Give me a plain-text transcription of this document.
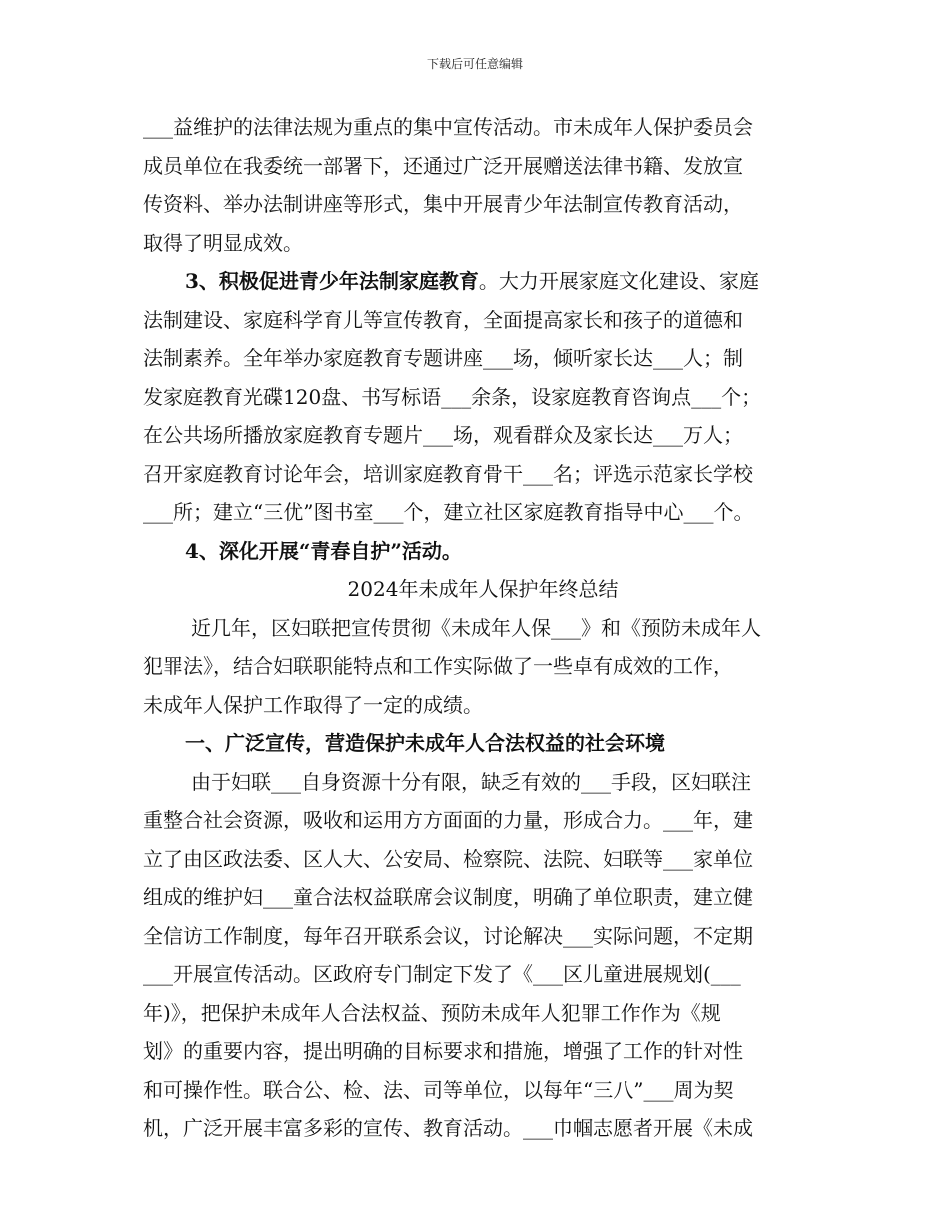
下载后可任意编辑
___益维护的法律法规为重点的集中宣传活动。市未成年人保护委员会
成员单位在我委统一部署下，还通过广泛开展赠送法律书籍、发放宣
传资料、举办法制讲座等形式，集中开展青少年法制宣传教育活动，
取得了明显成效。
3、积极促进青少年法制家庭教育。大力开展家庭文化建设、家庭
法制建设、家庭科学育儿等宣传教育，全面提高家长和孩子的道德和
法制素养。全年举办家庭教育专题讲座___场，倾听家长达___人；制
发家庭教育光碟120盘、书写标语___余条，设家庭教育咨询点___个；
在公共场所播放家庭教育专题片___场，观看群众及家长达___万人；
召开家庭教育讨论年会，培训家庭教育骨干___名；评选示范家长学校
___所；建立“三优”图书室___个，建立社区家庭教育指导中心___个。
4、深化开展“青春自护”活动。
2024年未成年人保护年终总结
近几年，区妇联把宣传贯彻《未成年人保___》和《预防未成年人
犯罪法》，结合妇联职能特点和工作实际做了一些卓有成效的工作，
未成年人保护工作取得了一定的成绩。
一、广泛宣传，营造保护未成年人合法权益的社会环境
由于妇联___自身资源十分有限，缺乏有效的___手段，区妇联注
重整合社会资源，吸收和运用方方面面的力量，形成合力。___年，建
立了由区政法委、区人大、公安局、检察院、法院、妇联等___家单位
组成的维护妇___童合法权益联席会议制度，明确了单位职责，建立健
全信访工作制度，每年召开联系会议，讨论解决___实际问题，不定期
___开展宣传活动。区政府专门制定下发了《___区儿童进展规划(___
年)》，把保护未成年人合法权益、预防未成年人犯罪工作作为《规
划》的重要内容，提出明确的目标要求和措施，增强了工作的针对性
和可操作性。联合公、检、法、司等单位，以每年“三八”___周为契
机，广泛开展丰富多彩的宣传、教育活动。___巾帼志愿者开展《未成
